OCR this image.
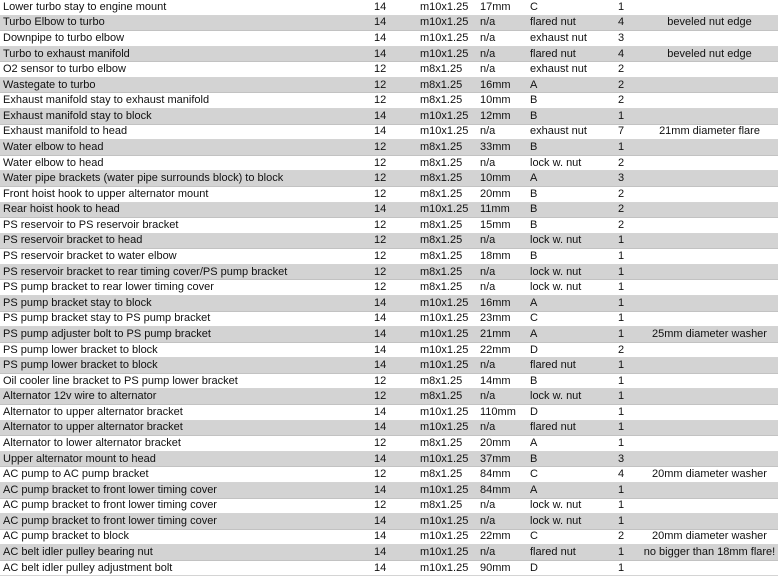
Lower turbo stay to engine mount	14	m10x1.25	17mm	C	1	
Turbo Elbow to turbo	14	m10x1.25	n/a	flared nut	4	beveled nut edge
Downpipe to turbo elbow	14	m10x1.25	n/a	exhaust nut	3	
Turbo to exhaust manifold	14	m10x1.25	n/a	flared nut	4	beveled nut edge
O2 sensor to turbo elbow	12	m8x1.25	n/a	exhaust nut	2	
Wastegate to turbo	12	m8x1.25	16mm	A	2	
Exhaust manifold stay to exhaust manifold	12	m8x1.25	10mm	B	2	
Exhaust manifold stay to block	14	m10x1.25	12mm	B	1	
Exhaust manifold to head	14	m10x1.25	n/a	exhaust nut	7	21mm diameter flare
Water elbow to head	12	m8x1.25	33mm	B	1	
Water elbow to head	12	m8x1.25	n/a	lock w. nut	2	
Water pipe brackets (water pipe surrounds block) to block	12	m8x1.25	10mm	A	3	
Front hoist hook to upper alternator mount	12	m8x1.25	20mm	B	2	
Rear hoist hook to head	14	m10x1.25	11mm	B	2	
PS reservoir to PS reservoir bracket	12	m8x1.25	15mm	B	2	
PS reservoir bracket to head	12	m8x1.25	n/a	lock w. nut	1	
PS reservoir bracket to water elbow	12	m8x1.25	18mm	B	1	
PS reservoir bracket to rear timing cover/PS pump bracket	12	m8x1.25	n/a	lock w. nut	1	
PS pump bracket to rear lower timing cover	12	m8x1.25	n/a	lock w. nut	1	
PS pump bracket stay to block	14	m10x1.25	16mm	A	1	
PS pump bracket stay to PS pump bracket	14	m10x1.25	23mm	C	1	
PS pump adjuster bolt to PS pump bracket	14	m10x1.25	21mm	A	1	25mm diameter washer
PS pump lower bracket to block	14	m10x1.25	22mm	D	2	
PS pump lower bracket to block	14	m10x1.25	n/a	flared nut	1	
Oil cooler line bracket to PS pump lower bracket	12	m8x1.25	14mm	B	1	
Alternator 12v wire to alternator	12	m8x1.25	n/a	lock w. nut	1	
Alternator to upper alternator bracket	14	m10x1.25	110mm	D	1	
Alternator to upper alternator bracket	14	m10x1.25	n/a	flared nut	1	
Alternator to lower alternator bracket	12	m8x1.25	20mm	A	1	
Upper alternator mount to head	14	m10x1.25	37mm	B	3	
AC pump to AC pump bracket	12	m8x1.25	84mm	C	4	20mm diameter washer
AC pump bracket to front lower timing cover	14	m10x1.25	84mm	A	1	
AC pump bracket to front lower timing cover	12	m8x1.25	n/a	lock w. nut	1	
AC pump bracket to front lower timing cover	14	m10x1.25	n/a	lock w. nut	1	
AC pump bracket to block	14	m10x1.25	22mm	C	2	20mm diameter washer
AC belt idler pulley bearing nut	14	m10x1.25	n/a	flared nut	1	no bigger than 18mm flare!
AC belt idler pulley adjustment bolt	14	m10x1.25	90mm	D	1	
